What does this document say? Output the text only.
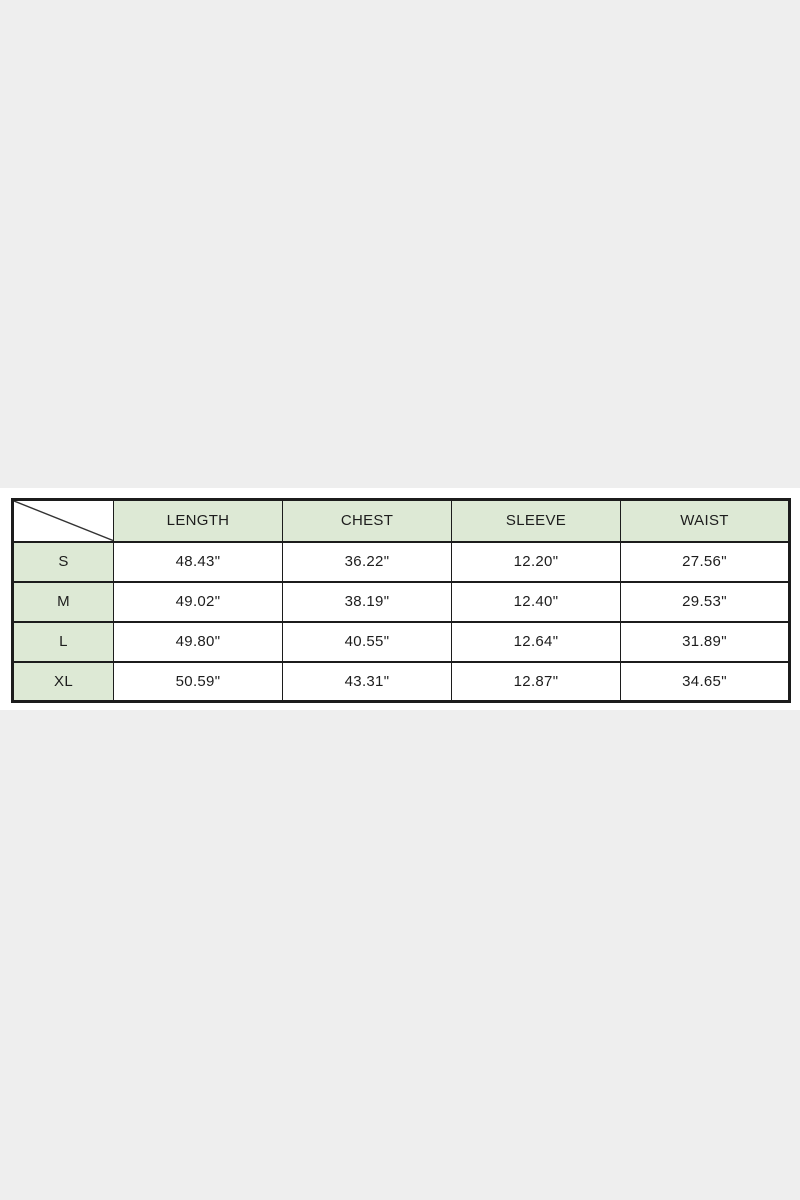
	LENGTH	CHEST	SLEEVE	WAIST
S	48.43"	36.22"	12.20"	27.56"
M	49.02"	38.19"	12.40"	29.53"
L	49.80"	40.55"	12.64"	31.89"
XL	50.59"	43.31"	12.87"	34.65"
